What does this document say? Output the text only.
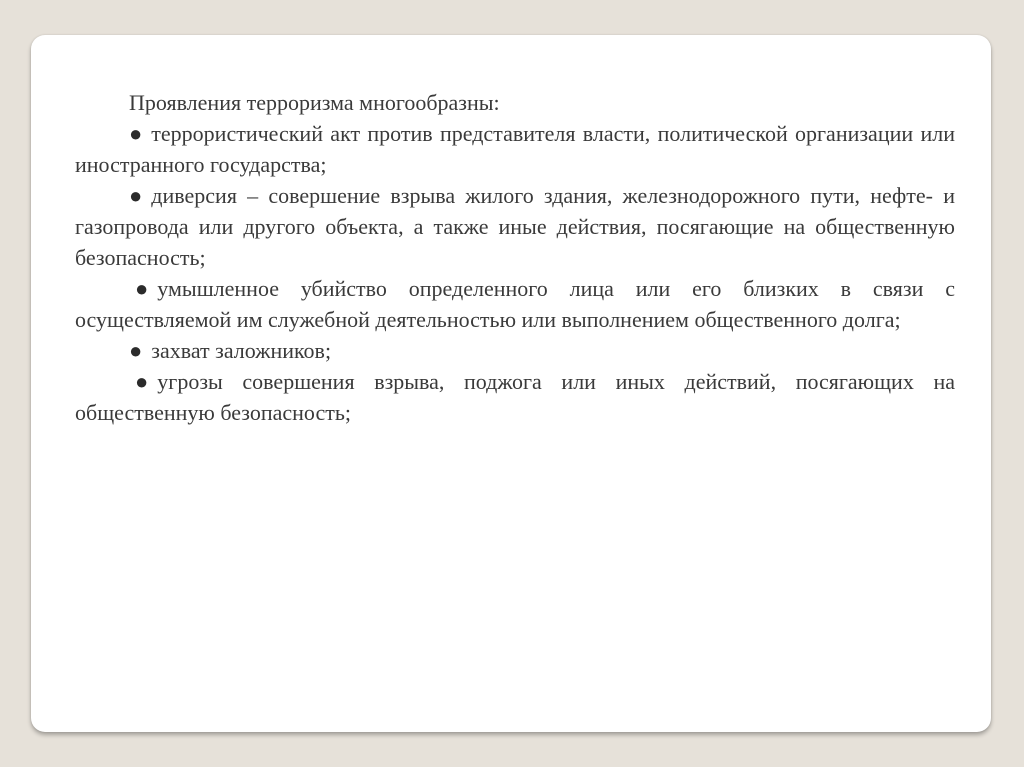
Проявления терроризма многообразны:

● террористический акт против представителя власти, политической организации или иностранного государства;

● диверсия – совершение взрыва жилого здания, железнодорожного пути, нефте- и газопровода или другого объекта, а также иные действия, посягающие на общественную безопасность;

● умышленное убийство определенного лица или его близких в связи с осуществляемой им служебной деятельностью или выполнением общественного долга;

● захват заложников;

● угрозы совершения взрыва, поджога или иных действий, посягающих на общественную безопасность;
